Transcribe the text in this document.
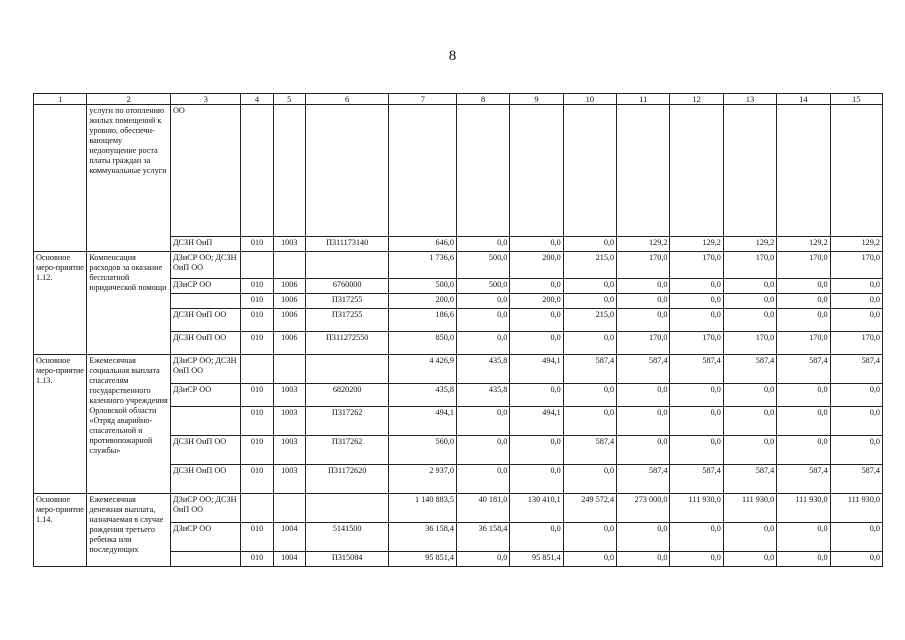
8
1	2	3	4	5	6	7	8	9	10	11	12	13	14	15
	услуги по отоплению жилых помещений к уровню, обеспечи-вающему недопущение роста платы граждан за коммунальные услуги	ОО												
		ДСЗН ОиП	010	1003	П311173140	646,0	0,0	0,0	0,0	129,2	129,2	129,2	129,2	129,2
Основное меро-приятие 1.12.	Компенсация расходов за оказание бесплатной юридической помощи	ДЗиСР ОО; ДСЗН ОиП ОО				1 736,6	500,0	200,0	215,0	170,0	170,0	170,0	170,0	170,0
		ДЗиСР ОО	010	1006	6760000	500,0	500,0	0,0	0,0	0,0	0,0	0,0	0,0	0,0
			010	1006	П317255	200,0	0,0	200,0	0,0	0,0	0,0	0,0	0,0	0,0
		ДСЗН ОиП ОО	010	1006	П317255	186,6	0,0	0,0	215,0	0,0	0,0	0,0	0,0	0,0
		ДСЗН ОиП ОО	010	1006	П311272550	850,0	0,0	0,0	0,0	170,0	170,0	170,0	170,0	170,0
Основное меро-приятие 1.13.	Ежемесячная социальная выплата спасателям государственного казенного учреждения Орловской области «Отряд аварийно-спасательной и противопожарной службы»	ДЗиСР ОО; ДСЗН ОиП ОО				4 426,9	435,8	494,1	587,4	587,4	587,4	587,4	587,4	587,4
		ДЗиСР ОО	010	1003	6820200	435,8	435,8	0,0	0,0	0,0	0,0	0,0	0,0	0,0
			010	1003	П317262	494,1	0,0	494,1	0,0	0,0	0,0	0,0	0,0	0,0
		ДСЗН ОиП ОО	010	1003	П317262	560,0	0,0	0,0	587,4	0,0	0,0	0,0	0,0	0,0
		ДСЗН ОиП ОО	010	1003	П31172620	2 937,0	0,0	0,0	0,0	587,4	587,4	587,4	587,4	587,4
Основное меро-приятие 1.14.	Ежемесячная денежная выплата, назначаемая в случае рождения третьего ребенка или последующих	ДЗиСР ОО; ДСЗН ОиП ОО				1 140 883,5	40 181,0	130 410,1	249 572,4	273 000,0	111 930,0	111 930,0	111 930,0	111 930,0
		ДЗиСР ОО	010	1004	5141500	36 158,4	36 158,4	0,0	0,0	0,0	0,0	0,0	0,0	0,0
			010	1004	П315084	95 851,4	0,0	95 851,4	0,0	0,0	0,0	0,0	0,0	0,0
